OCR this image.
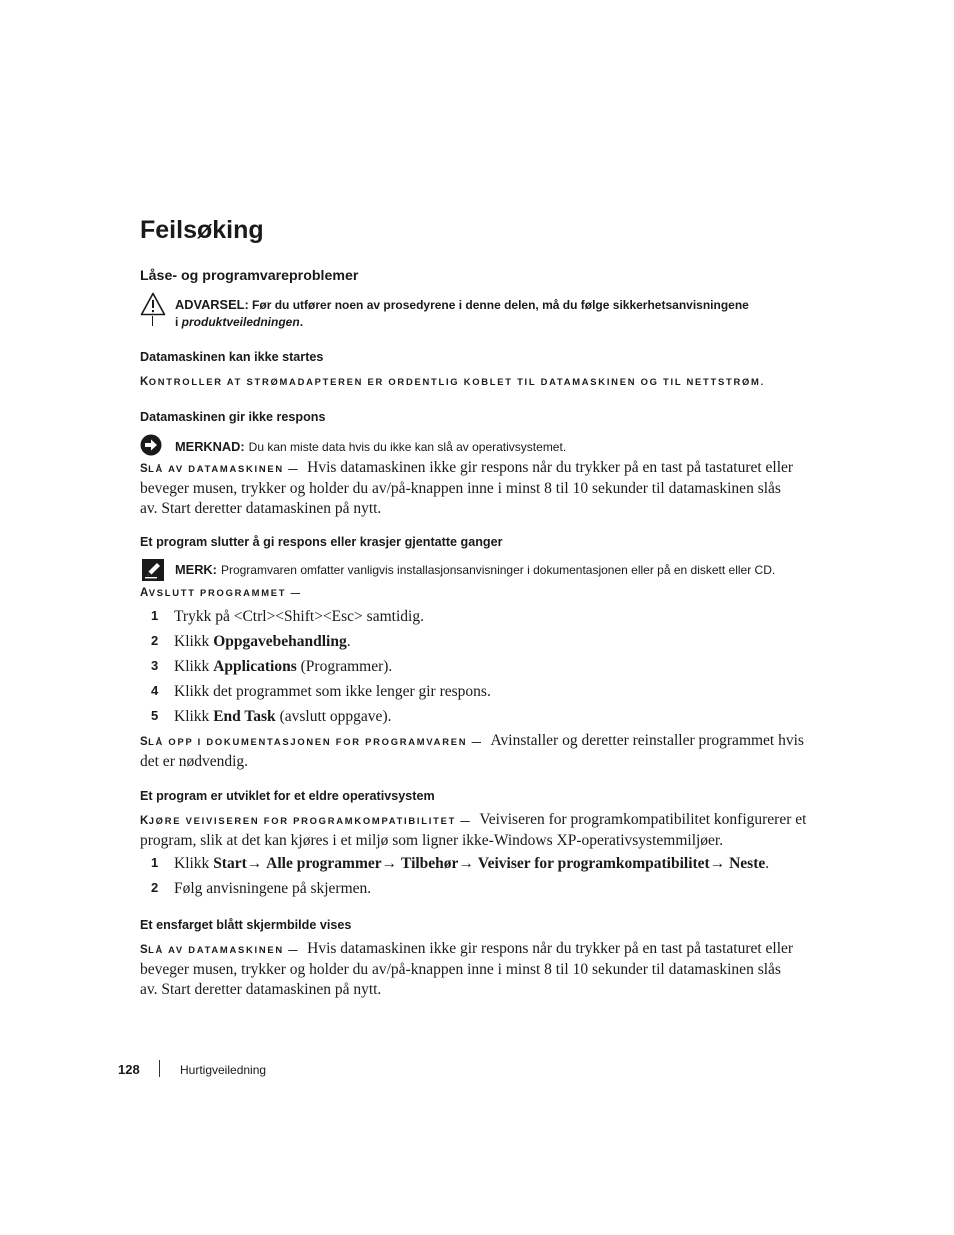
Feilsøking
Låse- og programvareproblemer
ADVARSEL: Før du utfører noen av prosedyrene i denne delen, må du følge sikkerhetsanvisningene
i produktveiledningen.
Datamaskinen kan ikke startes
KONTROLLER AT STRØMADAPTEREN ER ORDENTLIG KOBLET TIL DATAMASKINEN OG TIL NETTSTRØM.
Datamaskinen gir ikke respons
MERKNAD: Du kan miste data hvis du ikke kan slå av operativsystemet.
SLÅ AV DATAMASKINEN — Hvis datamaskinen ikke gir respons når du trykker på en tast på tastaturet eller
beveger musen, trykker og holder du av/på-knappen inne i minst 8 til 10 sekunder til datamaskinen slås
av. Start deretter datamaskinen på nytt.
Et program slutter å gi respons eller krasjer gjentatte ganger
MERK: Programvaren omfatter vanligvis installasjonsanvisninger i dokumentasjonen eller på en diskett eller CD.
AVSLUTT PROGRAMMET —
1 Trykk på <Ctrl><Shift><Esc> samtidig.
2 Klikk Oppgavebehandling.
3 Klikk Applications (Programmer).
4 Klikk det programmet som ikke lenger gir respons.
5 Klikk End Task (avslutt oppgave).
SLÅ OPP I DOKUMENTASJONEN FOR PROGRAMVAREN — Avinstaller og deretter reinstaller programmet hvis
det er nødvendig.
Et program er utviklet for et eldre operativsystem
KJØRE VEIVISEREN FOR PROGRAMKOMPATIBILITET — Veiviseren for programkompatibilitet konfigurerer et
program, slik at det kan kjøres i et miljø som ligner ikke-Windows XP-operativsystemmiljøer.
1 Klikk Start→ Alle programmer→ Tilbehør→ Veiviser for programkompatibilitet→ Neste.
2 Følg anvisningene på skjermen.
Et ensfarget blått skjermbilde vises
SLÅ AV DATAMASKINEN — Hvis datamaskinen ikke gir respons når du trykker på en tast på tastaturet eller
beveger musen, trykker og holder du av/på-knappen inne i minst 8 til 10 sekunder til datamaskinen slås
av. Start deretter datamaskinen på nytt.
128	Hurtigveiledning
